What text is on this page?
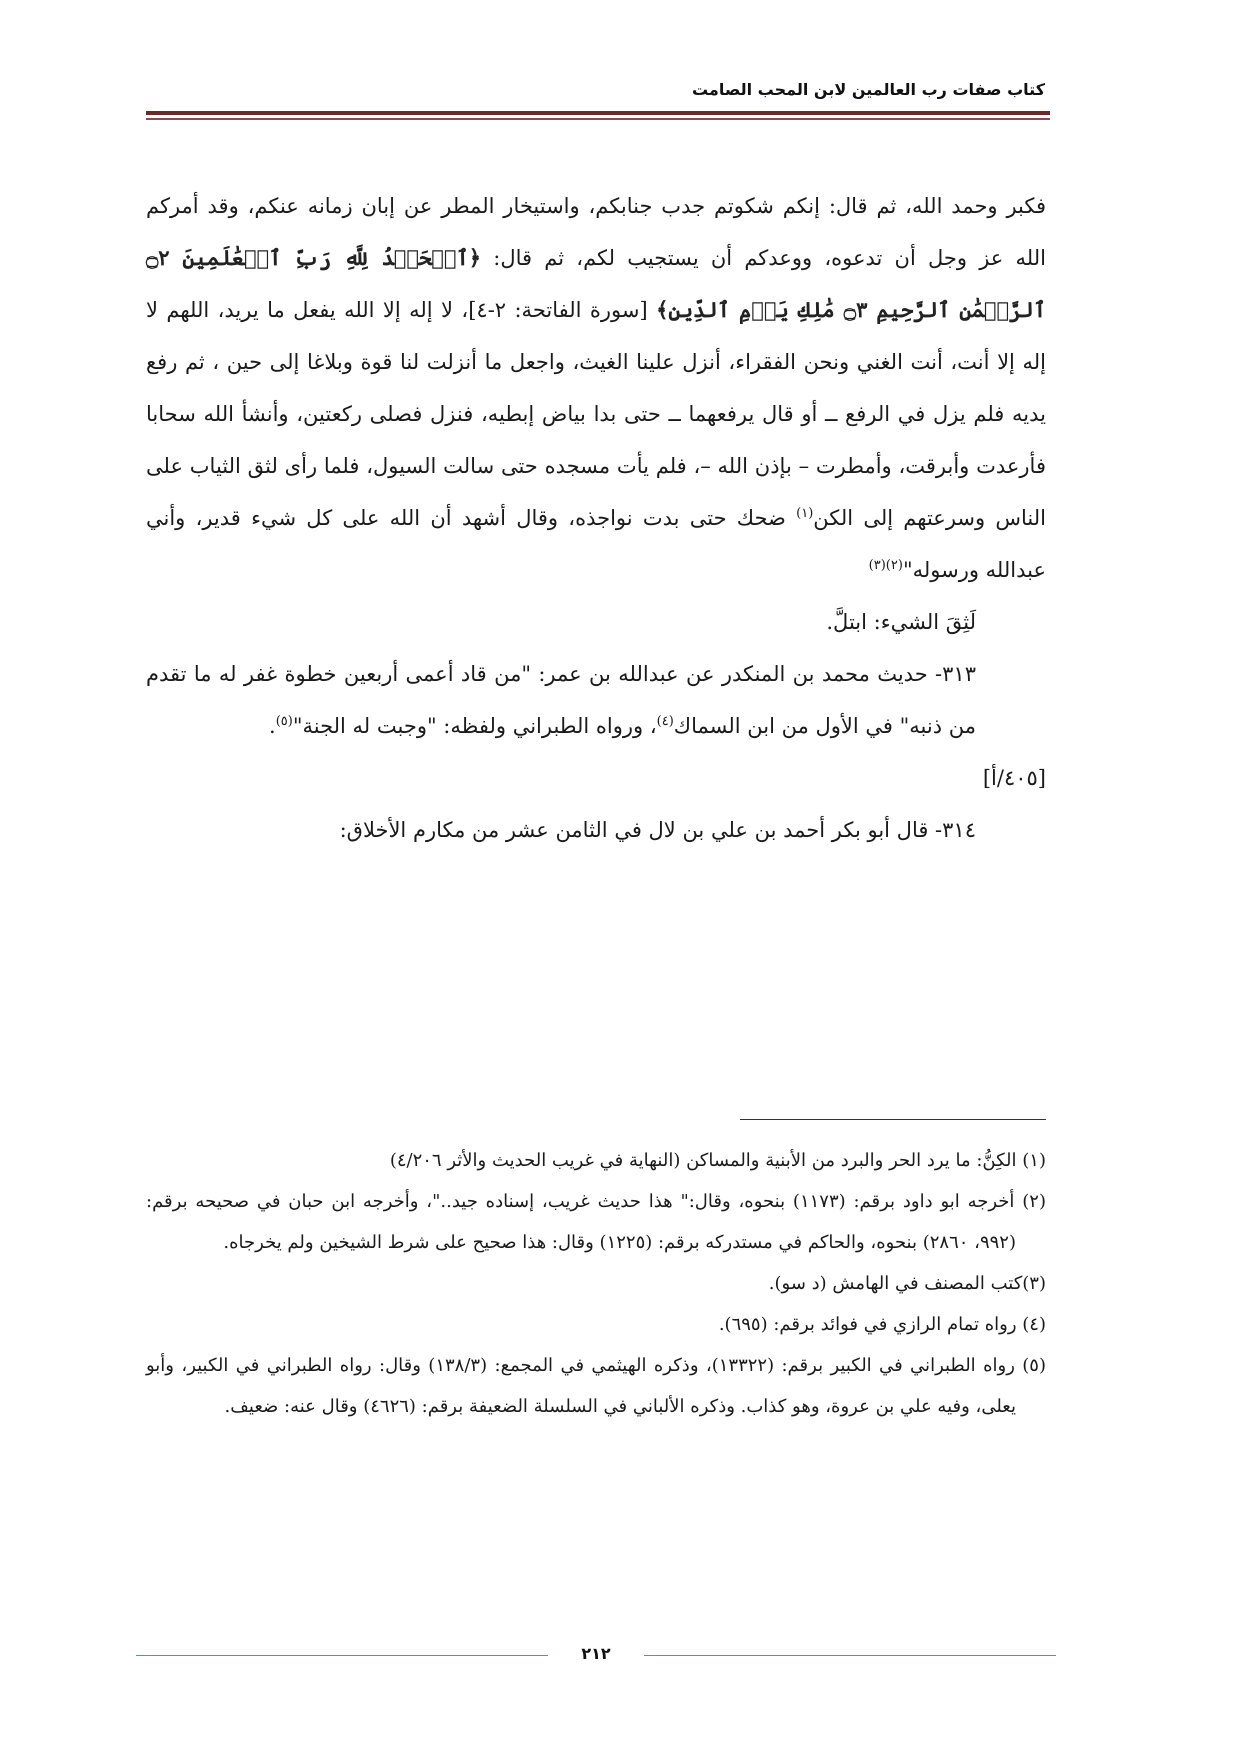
كتاب صفات رب العالمين لابن المحب الصامت

فكبر وحمد الله، ثم قال: إنكم شكوتم جدب جنابكم، واستيخار المطر عن إبان زمانه عنكم، وقد أمركم الله عز وجل أن تدعوه، ووعدكم أن يستجيب لكم، ثم قال: ﴿ٱلۡحَمۡدُ لِلَّهِ رَبِّ ٱلۡعَٰلَمِينَ ۝٢ ٱلرَّحۡمَٰنِ ٱلرَّحِيمِ ۝٣ مَٰلِكِ يَوۡمِ ٱلدِّينِ﴾ [سورة الفاتحة: ٢-٤]، لا إله إلا الله يفعل ما يريد، اللهم لا إله إلا أنت، أنت الغني ونحن الفقراء، أنزل علينا الغيث، واجعل ما أنزلت لنا قوة وبلاغا إلى حين ، ثم رفع يديه فلم يزل في الرفع ــ أو قال يرفعهما ــ حتى بدا بياض إبطيه، فنزل فصلى ركعتين، وأنشأ الله سحابا فأرعدت وأبرقت، وأمطرت – بإذن الله –، فلم يأت مسجده حتى سالت السيول، فلما رأى لثق الثياب على الناس وسرعتهم إلى الكن$^{(١)}$ ضحك حتى بدت نواجذه، وقال أشهد أن الله على كل شيء قدير، وأني عبدالله ورسوله"$^{(٢)(٣)}$

لَثِقَ الشيء: ابتلَّ.

٣١٣- حديث محمد بن المنكدر عن عبدالله بن عمر: "من قاد أعمى أربعين خطوة غفر له ما تقدم من ذنبه" في الأول من ابن السماك$^{(٤)}$، ورواه الطبراني ولفظه: "وجبت له الجنة"$^{(٥)}$.

[٤٠٥/أ]

٣١٤- قال أبو بكر أحمد بن علي بن لال في الثامن عشر من مكارم الأخلاق:

(١) الكِنُّ: ما يرد الحر والبرد من الأبنية والمساكن (النهاية في غريب الحديث والأثر ٤/٢٠٦)

(٢) أخرجه ابو داود برقم: (١١٧٣) بنحوه، وقال:" هذا حديث غريب، إسناده جيد.."، وأخرجه ابن حبان في صحيحه برقم: (٩٩٢، ٢٨٦٠) بنحوه، والحاكم في مستدركه برقم: (١٢٢٥) وقال: هذا صحيح على شرط الشيخين ولم يخرجاه.

(٣)كتب المصنف في الهامش (د سو).

(٤) رواه تمام الرازي في فوائد برقم: (٦٩٥).

(٥) رواه الطبراني في الكبير برقم: (١٣٣٢٢)، وذكره الهيثمي في المجمع: (١٣٨/٣) وقال: رواه الطبراني في الكبير، وأبو يعلى، وفيه علي بن عروة، وهو كذاب. وذكره الألباني في السلسلة الضعيفة برقم: (٤٦٢٦) وقال عنه: ضعيف.

٢١٢
